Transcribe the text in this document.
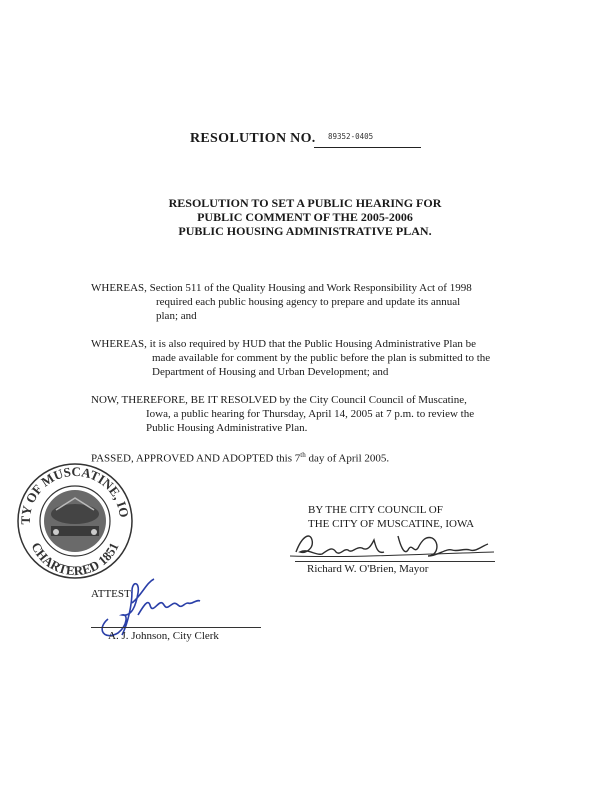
RESOLUTION NO. 89352-0405
RESOLUTION TO SET A PUBLIC HEARING FOR
PUBLIC COMMENT OF THE 2005-2006
PUBLIC HOUSING ADMINISTRATIVE PLAN.
WHEREAS, Section 511 of the Quality Housing and Work Responsibility Act of 1998
required each public housing agency to prepare and update its annual
plan; and
WHEREAS, it is also required by HUD that the Public Housing Administrative Plan be
made available for comment by the public before the plan is submitted to the
Department of Housing and Urban Development; and
NOW, THEREFORE, BE IT RESOLVED by the City Council Council of Muscatine,
Iowa, a public hearing for Thursday, April 14, 2005 at 7 p.m. to review the
Public Housing Administrative Plan.
PASSED, APPROVED AND ADOPTED this 7th day of April 2005.
TY OF MUSCATINE, IO
CHARTERED 1851
BY THE CITY COUNCIL OF
THE CITY OF MUSCATINE, IOWA
Richard W. O'Brien, Mayor
ATTEST:
A. J. Johnson, City Clerk
